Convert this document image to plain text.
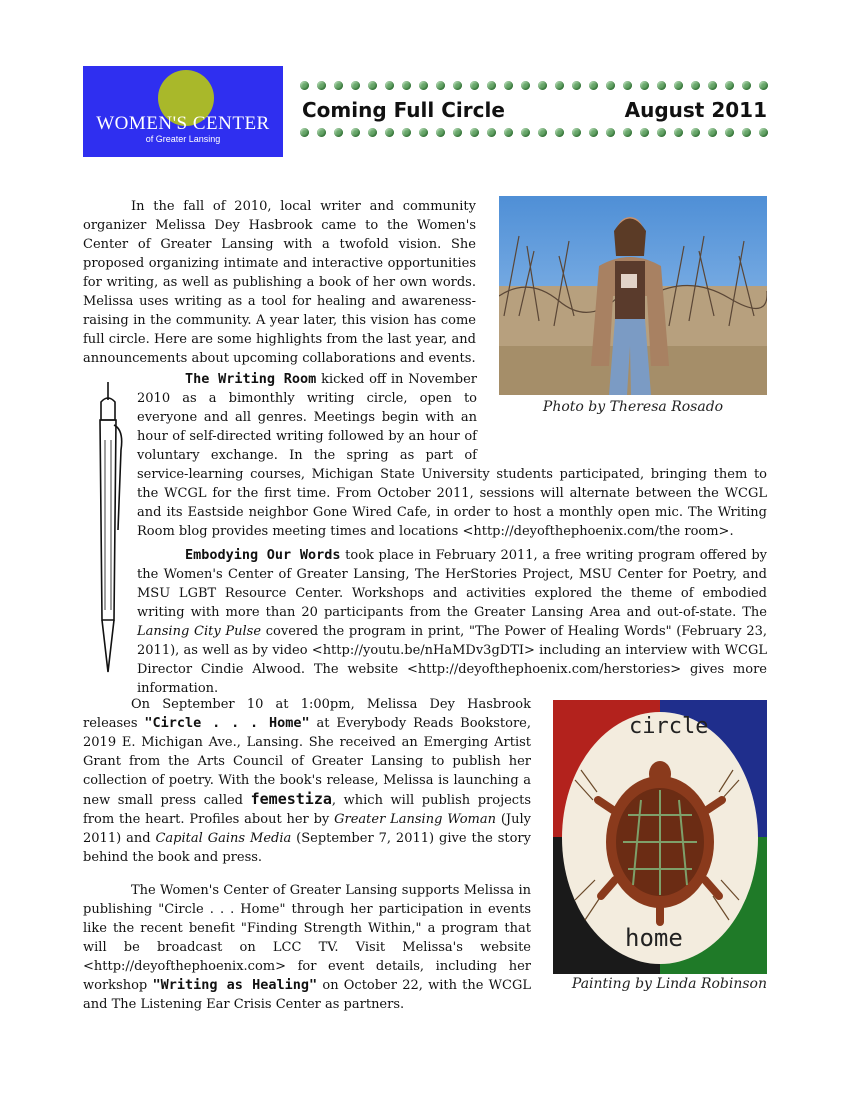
WOMEN'S CENTER
of Greater Lansing
Coming Full Circle	August 2011

In the fall of 2010, local writer and community organizer Melissa Dey Hasbrook came to the Women's Center of Greater Lansing with a twofold vision. She proposed organizing intimate and interactive opportunities for writing, as well as publishing a book of her own words. Melissa uses writing as a tool for healing and awareness-raising in the community. A year later, this vision has come full circle. Here are some highlights from the last year, and announcements about upcoming collaborations and events.

Photo by Theresa Rosado

The Writing Room kicked off in November 2010 as a bimonthly writing circle, open to everyone and all genres. Meetings begin with an hour of self-directed writing followed by an hour of voluntary exchange. In the spring as part of service-learning courses, Michigan State University students participated, bringing them to the WCGL for the first time. From October 2011, sessions will alternate between the WCGL and its Eastside neighbor Gone Wired Cafe, in order to host a monthly open mic. The Writing Room blog provides meeting times and locations <http://deyofthephoenix.com/the room>.

Embodying Our Words took place in February 2011, a free writing program offered by the Women's Center of Greater Lansing, The HerStories Project, MSU Center for Poetry, and MSU LGBT Resource Center. Workshops and activities explored the theme of embodied writing with more than 20 participants from the Greater Lansing Area and out-of-state. The Lansing City Pulse covered the program in print, "The Power of Healing Words" (February 23, 2011), as well as by video <http://youtu.be/nHaMDv3gDTI> including an interview with WCGL Director Cindie Alwood. The website <http://deyofthephoenix.com/herstories> gives more information.

On September 10 at 1:00pm, Melissa Dey Hasbrook releases "Circle . . . Home" at Everybody Reads Bookstore, 2019 E. Michigan Ave., Lansing. She received an Emerging Artist Grant from the Arts Council of Greater Lansing to publish her collection of poetry. With the book's release, Melissa is launching a new small press called femestiza, which will publish projects from the heart. Profiles about her by Greater Lansing Woman (July 2011) and Capital Gains Media (September 7, 2011) give the story behind the book and press.

The Women's Center of Greater Lansing supports Melissa in publishing "Circle . . . Home" through her participation in events like the recent benefit "Finding Strength Within," a program that will be broadcast on LCC TV. Visit Melissa's website <http://deyofthephoenix.com> for event details, including her workshop "Writing as Healing" on October 22, with the WCGL and The Listening Ear Crisis Center as partners.

circle
home
Painting by Linda Robinson
